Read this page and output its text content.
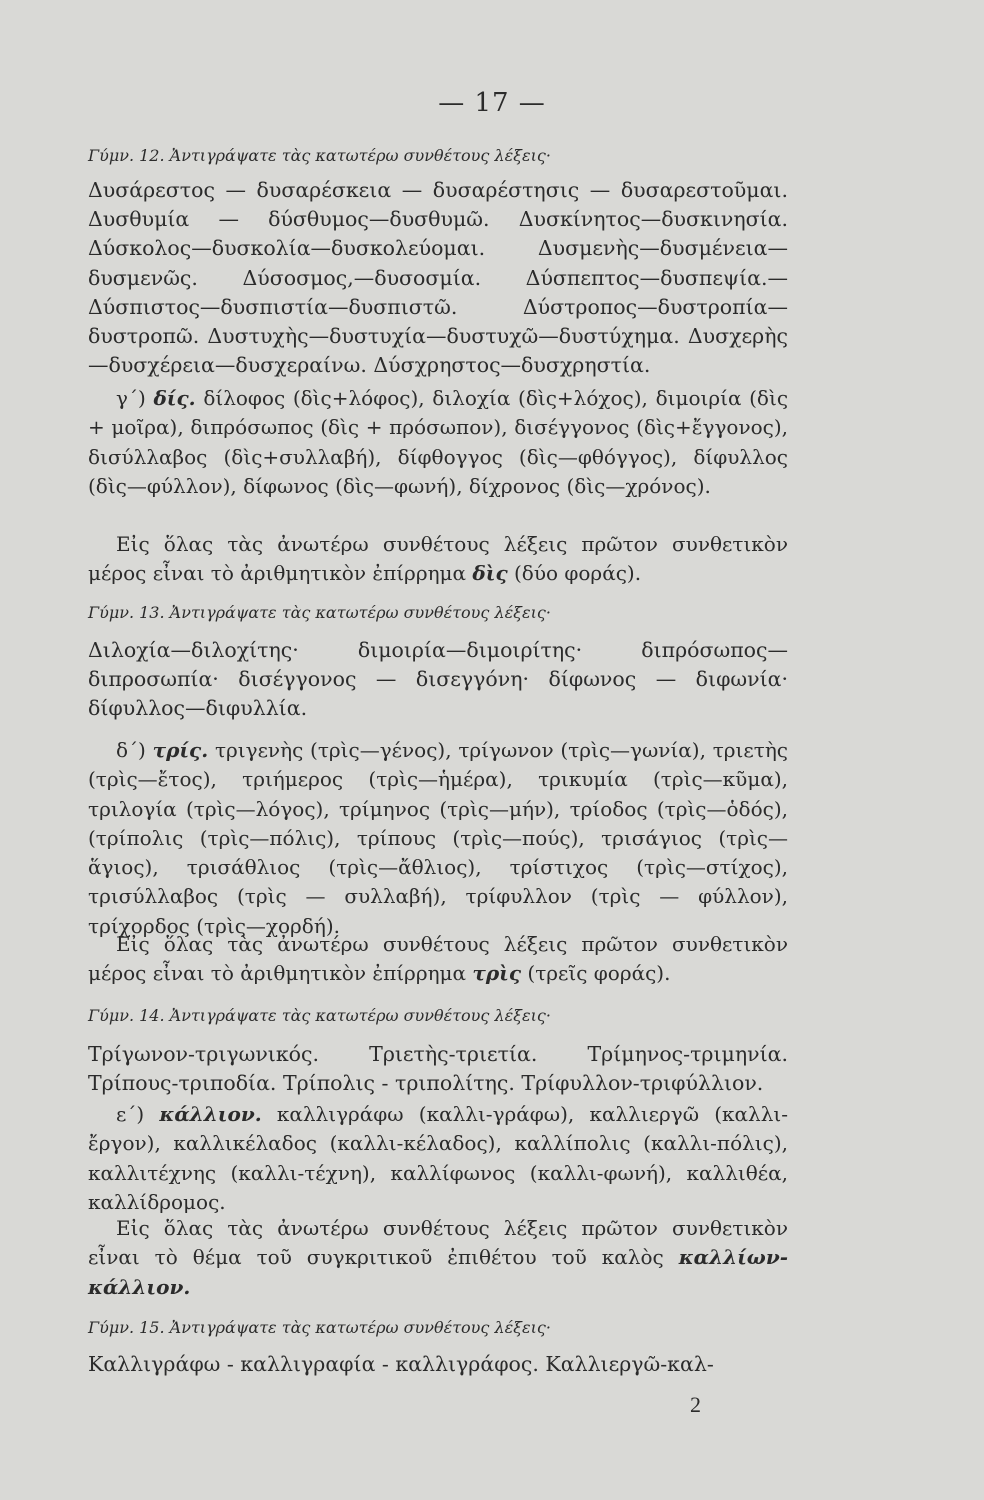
— 17 —
Γύμν. 12. Ἀντιγράψατε τὰς κατωτέρω συνθέτους λέξεις·
Δυσάρεστος — δυσαρέσκεια — δυσαρέστησις — δυσαρεστοῦμαι. Δυσθυμία — δύσθυμος—δυσθυμῶ. Δυσκίνητος—δυσκινησία. Δύσκολος—δυσκολία—δυσκολεύομαι. Δυσμενὴς—δυσμένεια—δυσμενῶς. Δύσοσμος,—δυσοσμία. Δύσπεπτος—δυσπεψία.—Δύσπιστος—δυσπιστία—δυσπιστῶ. Δύστροπος—δυστροπία—δυστροπῶ. Δυστυχὴς—δυστυχία—δυστυχῶ—δυστύχημα. Δυσχερὴς—δυσχέρεια—δυσχεραίνω. Δύσχρηστος—δυσχρηστία.
γ´) δίς. δίλοφος (δὶς+λόφος), διλοχία (δὶς+λόχος), διμοιρία (δὶς + μοῖρα), διπρόσωπος (δὶς + πρόσωπον), δισέγγονος (δὶς+ἔγγονος), δισύλλαβος (δὶς+συλλαβή), δίφθογγος (δὶς—φθόγγος), δίφυλλος (δὶς—φύλλον), δίφωνος (δὶς—φωνή), δίχρονος (δὶς—χρόνος).
Εἰς ὅλας τὰς ἀνωτέρω συνθέτους λέξεις πρῶτον συνθετικὸν μέρος εἶναι τὸ ἀριθμητικὸν ἐπίρρημα δὶς (δύο φοράς).
Γύμν. 13. Ἀντιγράψατε τὰς κατωτέρω συνθέτους λέξεις·
Διλοχία—διλοχίτης· διμοιρία—διμοιρίτης· διπρόσωπος—διπροσωπία· δισέγγονος — δισεγγόνη· δίφωνος — διφωνία· δίφυλλος—διφυλλία.
δ´) τρίς. τριγενὴς (τρὶς—γένος), τρίγωνον (τρὶς—γωνία), τριετὴς (τρὶς—ἔτος), τριήμερος (τρὶς—ἡμέρα), τρικυμία (τρὶς—κῦμα), τριλογία (τρὶς—λόγος), τρίμηνος (τρὶς—μήν), τρίοδος (τρὶς—ὁδός), (τρίπολις (τρὶς—πόλις), τρίπους (τρὶς—πούς), τρισάγιος (τρὶς—ἅγιος), τρισάθλιος (τρὶς—ἄθλιος), τρίστιχος (τρὶς—στίχος), τρισύλλαβος (τρὶς — συλλαβή), τρίφυλλον (τρὶς — φύλλον), τρίχορδος (τρὶς—χορδή).
Εἰς ὅλας τὰς ἀνωτέρω συνθέτους λέξεις πρῶτον συνθετικὸν μέρος εἶναι τὸ ἀριθμητικὸν ἐπίρρημα τρὶς (τρεῖς φοράς).
Γύμν. 14. Ἀντιγράψατε τὰς κατωτέρω συνθέτους λέξεις·
Τρίγωνον-τριγωνικός. Τριετὴς-τριετία. Τρίμηνος-τριμηνία. Τρίπους-τριποδία. Τρίπολις - τριπολίτης. Τρίφυλλον-τριφύλλιον.
ε´) κάλλιον. καλλιγράφω (καλλι-γράφω), καλλιεργῶ (καλλι-ἔργον), καλλικέλαδος (καλλι-κέλαδος), καλλίπολις (καλλι-πόλις), καλλιτέχνης (καλλι-τέχνη), καλλίφωνος (καλλι-φωνή), καλλιθέα, καλλίδρομος.
Εἰς ὅλας τὰς ἀνωτέρω συνθέτους λέξεις πρῶτον συνθετικὸν εἶναι τὸ θέμα τοῦ συγκριτικοῦ ἐπιθέτου τοῦ καλὸς καλλίων-κάλλιον.
Γύμν. 15. Ἀντιγράψατε τὰς κατωτέρω συνθέτους λέξεις·
Καλλιγράφω - καλλιγραφία - καλλιγράφος. Καλλιεργῶ-καλ-
2
